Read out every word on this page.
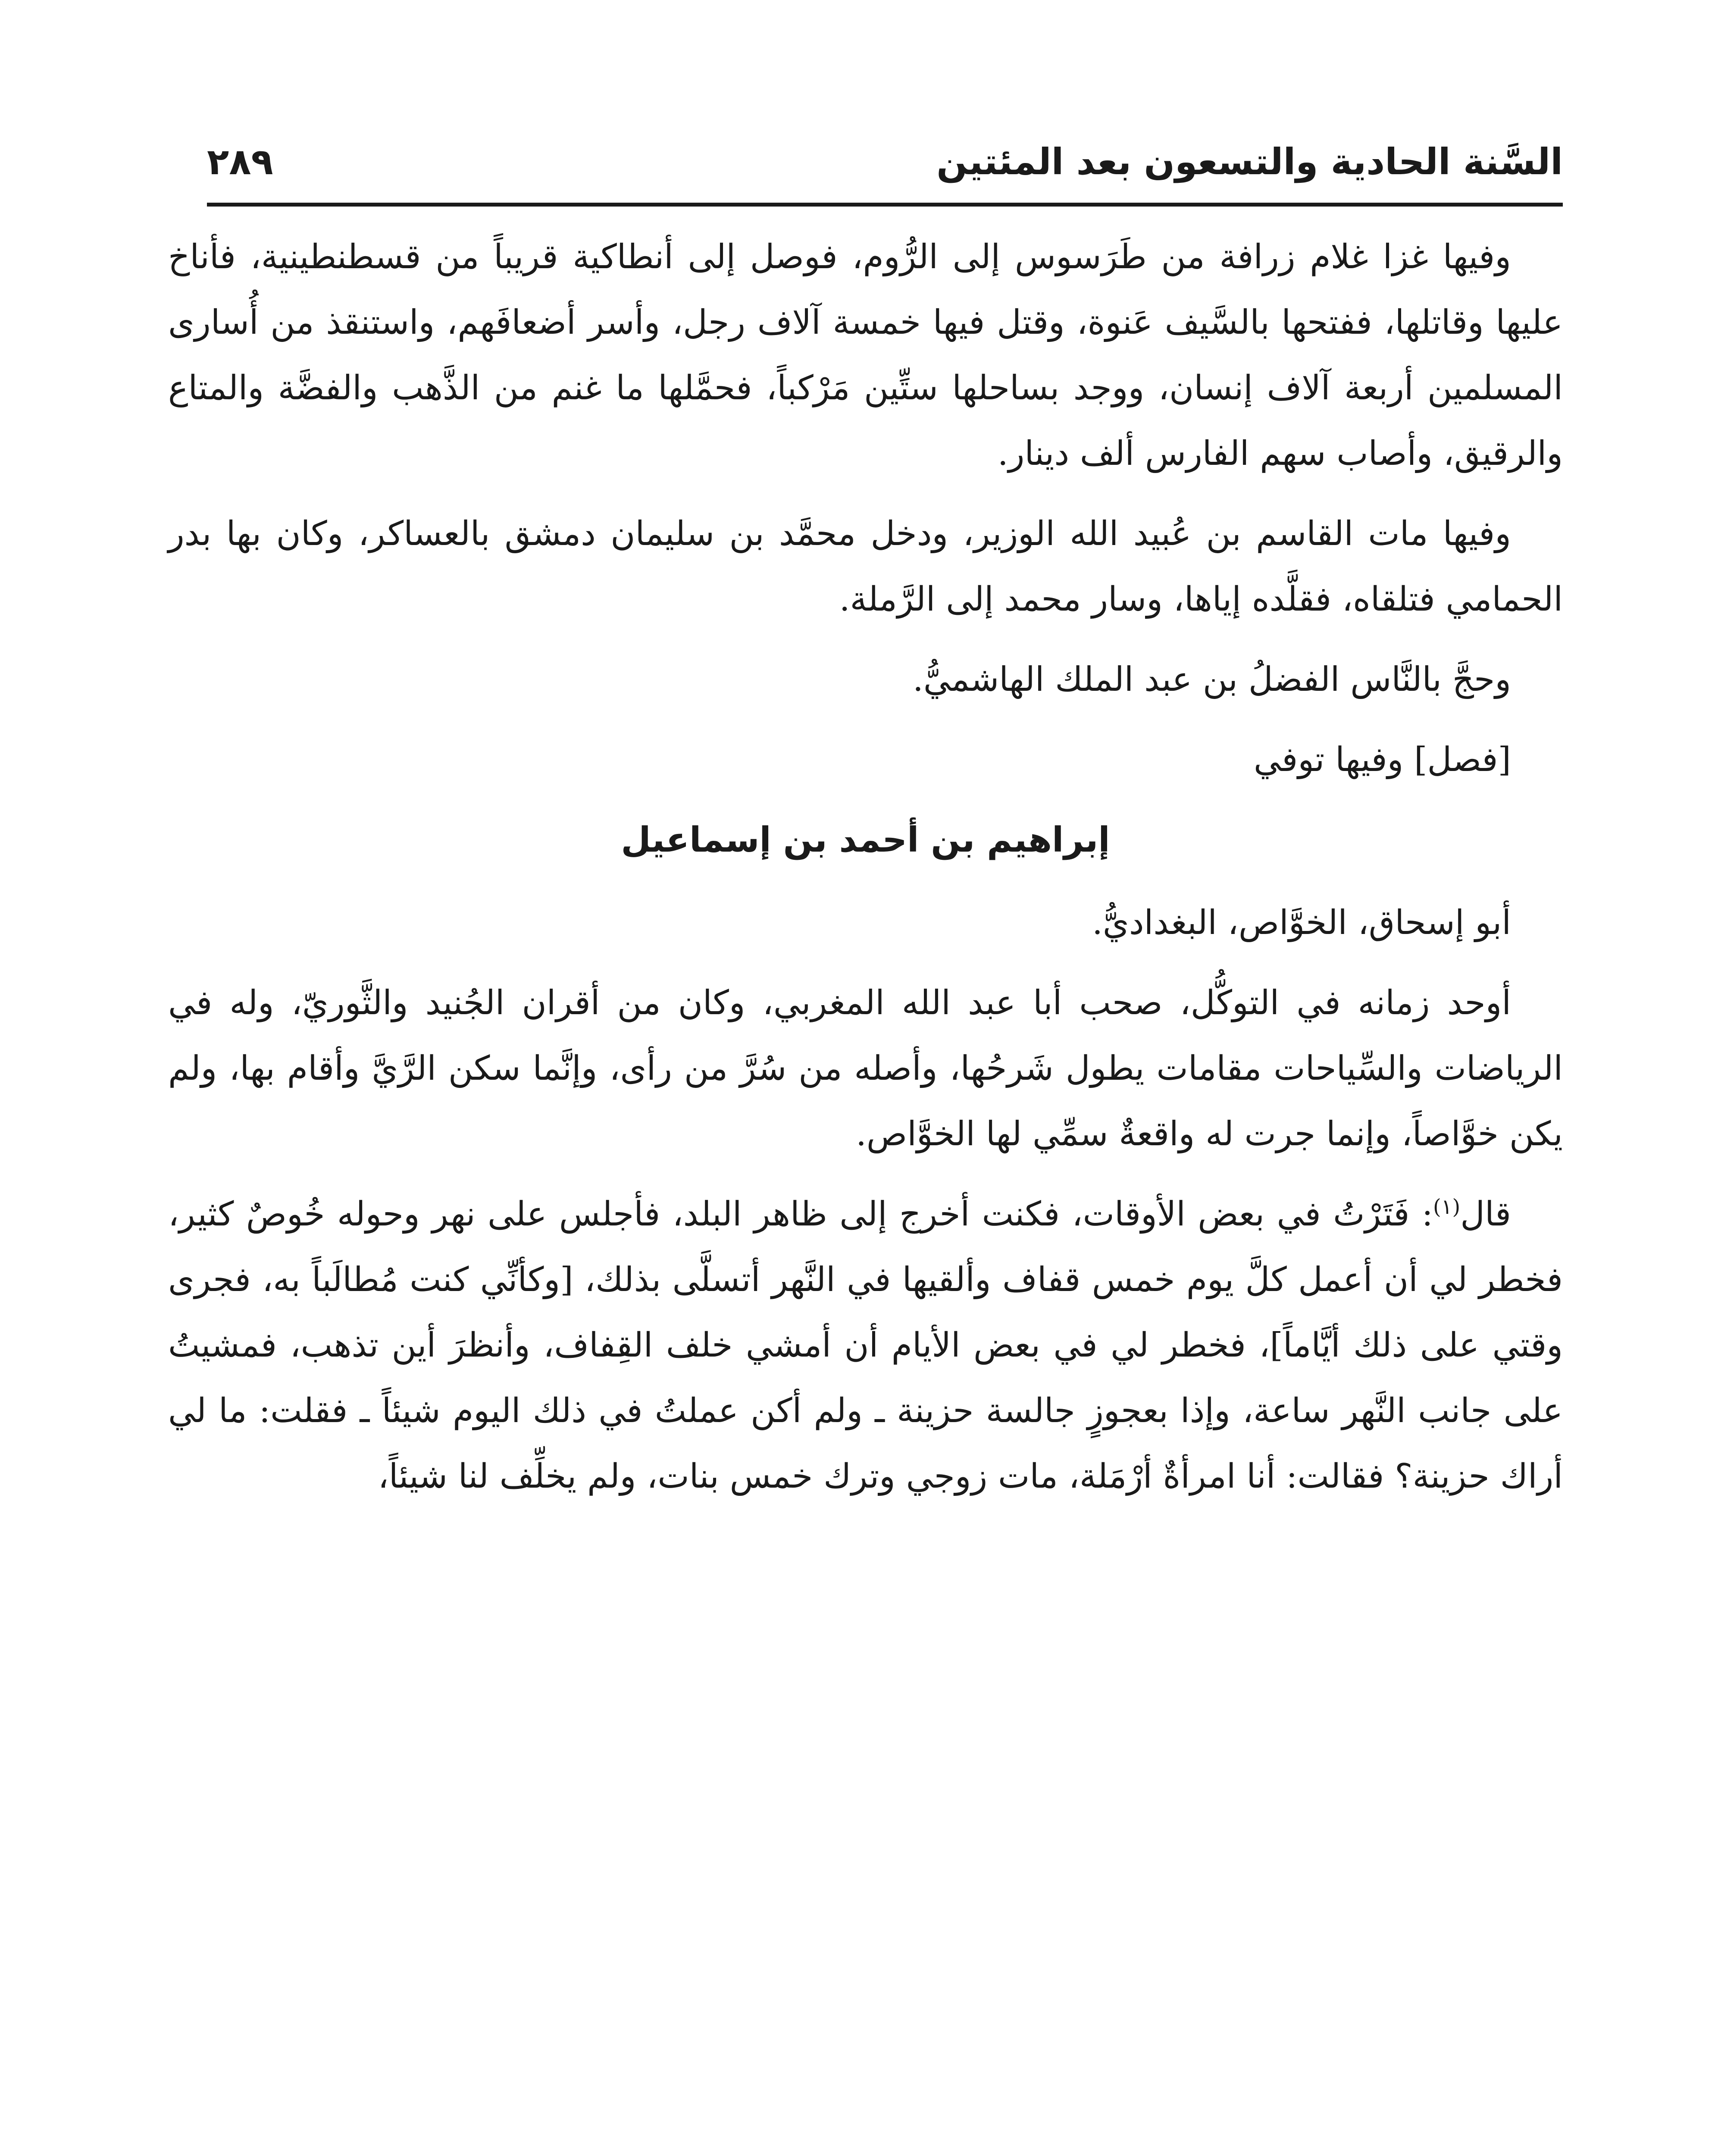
السَّنة الحادية والتسعون بعد المئتين
٢٨٩

وفيها غزا غلام زرافة من طَرَسوس إلى الرُّوم، فوصل إلى أنطاكية قريباً من قسطنطينية، فأناخ عليها وقاتلها، ففتحها بالسَّيف عَنوة، وقتل فيها خمسة آلاف رجل، وأسر أضعافَهم، واستنقذ من أُسارى المسلمين أربعة آلاف إنسان، ووجد بساحلها ستِّين مَرْكباً، فحمَّلها ما غنم من الذَّهب والفضَّة والمتاع والرقيق، وأصاب سهم الفارس ألف دينار.

وفيها مات القاسم بن عُبيد الله الوزير، ودخل محمَّد بن سليمان دمشق بالعساكر، وكان بها بدر الحمامي فتلقاه، فقلَّده إياها، وسار محمد إلى الرَّملة.

وحجَّ بالنَّاس الفضلُ بن عبد الملك الهاشميُّ.

[فصل] وفيها توفي

إبراهيم بن أحمد بن إسماعيل

أبو إسحاق، الخوَّاص، البغداديُّ.

أوحد زمانه في التوكُّل، صحب أبا عبد الله المغربي، وكان من أقران الجُنيد والثَّوريّ، وله في الرياضات والسِّياحات مقامات يطول شَرحُها، وأصله من سُرَّ من رأى، وإنَّما سكن الرَّيَّ وأقام بها، ولم يكن خوَّاصاً، وإنما جرت له واقعةٌ سمِّي لها الخوَّاص.

قال$^{(١)}$: فَتَرْتُ في بعض الأوقات، فكنت أخرج إلى ظاهر البلد، فأجلس على نهر وحوله خُوصٌ كثير، فخطر لي أن أعمل كلَّ يوم خمس قفاف وألقيها في النَّهر أتسلَّى بذلك، [وكأنِّي كنت مُطالَباً به، فجرى وقتي على ذلك أيَّاماً]، فخطر لي في بعض الأيام أن أمشي خلف القِفاف، وأنظرَ أين تذهب، فمشيتُ على جانب النَّهر ساعة، وإذا بعجوزٍ جالسة حزينة ـ ولم أكن عملتُ في ذلك اليوم شيئاً ـ فقلت: ما لي أراك حزينة؟ فقالت: أنا امرأةٌ أرْمَلة، مات زوجي وترك خمس بنات، ولم يخلِّف لنا شيئاً،
